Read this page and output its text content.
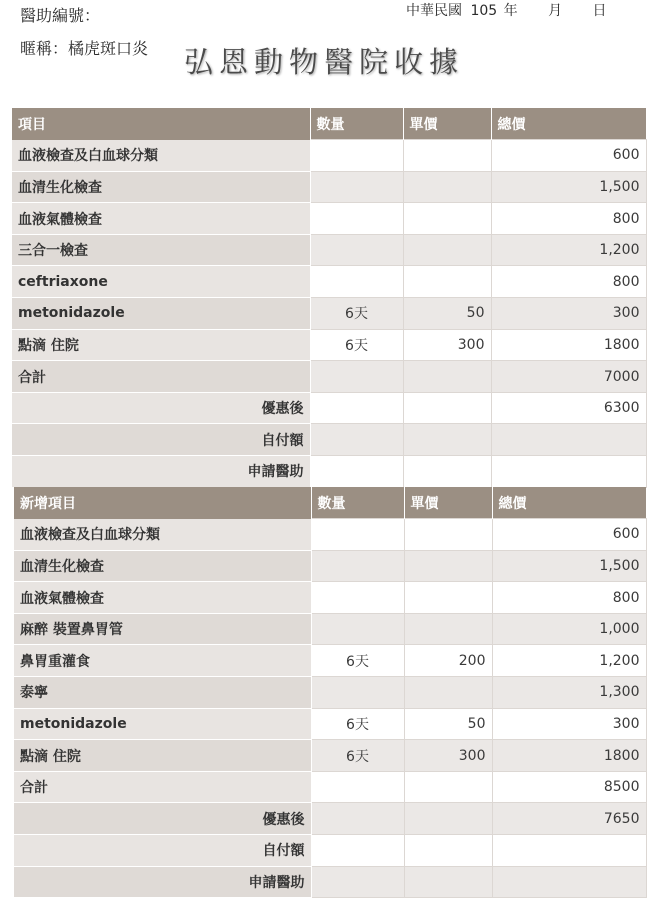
醫助編號：
暱稱：橘虎斑口炎
中華民國 105 年 月 日
弘恩動物醫院收據
項目	數量	單價	總價
血液檢查及白血球分類			600
血清生化檢查			1,500
血液氣體檢查			800
三合一檢查			1,200
ceftriaxone			800
metonidazole	6天	50	300
點滴 住院	6天	300	1800
合計			7000
優惠後			6300
自付額			
申請醫助			
新增項目	數量	單價	總價
血液檢查及白血球分類			600
血清生化檢查			1,500
血液氣體檢查			800
麻醉 裝置鼻胃管			1,000
鼻胃重灌食	6天	200	1,200
泰寧			1,300
metonidazole	6天	50	300
點滴 住院	6天	300	1800
合計			8500
優惠後			7650
自付額			
申請醫助			
